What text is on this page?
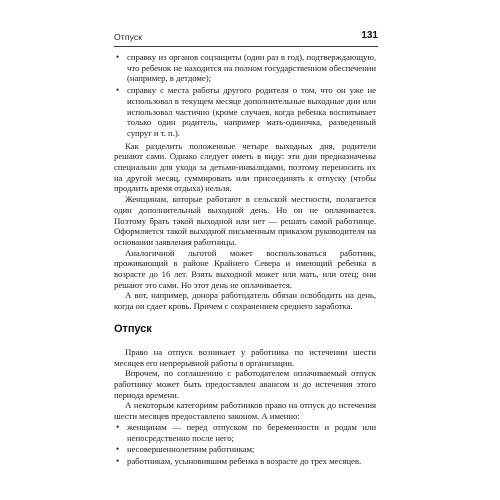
Отпуск	131
• справку из органов соцзащиты (один раз в год), подтверждающую, что ребенок не находится на полном государственном обеспечении (например, в детдоме);
• справку с места работы другого родителя о том, что он уже не использовал в текущем месяце дополнительные выходные дни или использовал частично (кроме случаев, когда ребенка воспитывает только один родитель, например мать-одиночка, разведенный супруг и т. п.).

Как разделить положенные четыре выходных дня, родители решают сами. Однако следует иметь в виду: эти дни предназначены специально для ухода за детьми-инвалидами, поэтому переносить их на другой месяц, суммировать или присоединять к отпуску (чтобы продлить время отдыха) нельзя.

Женщинам, которые работают в сельской местности, полагается один дополнительный выходной день. Но он не оплачивается. Поэтому брать такой выходной или нет — решать самой работнице. Оформляется такой выходной письменным приказом руководителя на основании заявления работницы.

Аналогичной льготой может воспользоваться работник, проживающий в районе Крайнего Севера и имеющий ребенка в возрасте до 16 лет. Взять выходной может или мать, или отец; они решают это сами. Но этот день не оплачивается.

А вот, например, донора работодатель обязан освободить на день, когда он сдает кровь. Причем с сохранением среднего заработка.

Отпуск

Право на отпуск возникает у работника по истечении шести месяцев его непрерывной работы в организации.

Впрочем, по соглашению с работодателем оплачиваемый отпуск работнику может быть предоставлен авансом и до истечения этого периода времени.

А некоторым категориям работников право на отпуск до истечения шести месяцев предоставлено законом. А именно:

• женщинам — перед отпуском по беременности и родам или непосредственно после него;
• несовершеннолетним работникам;
• работникам, усыновившим ребенка в возрасте до трех месяцев.
